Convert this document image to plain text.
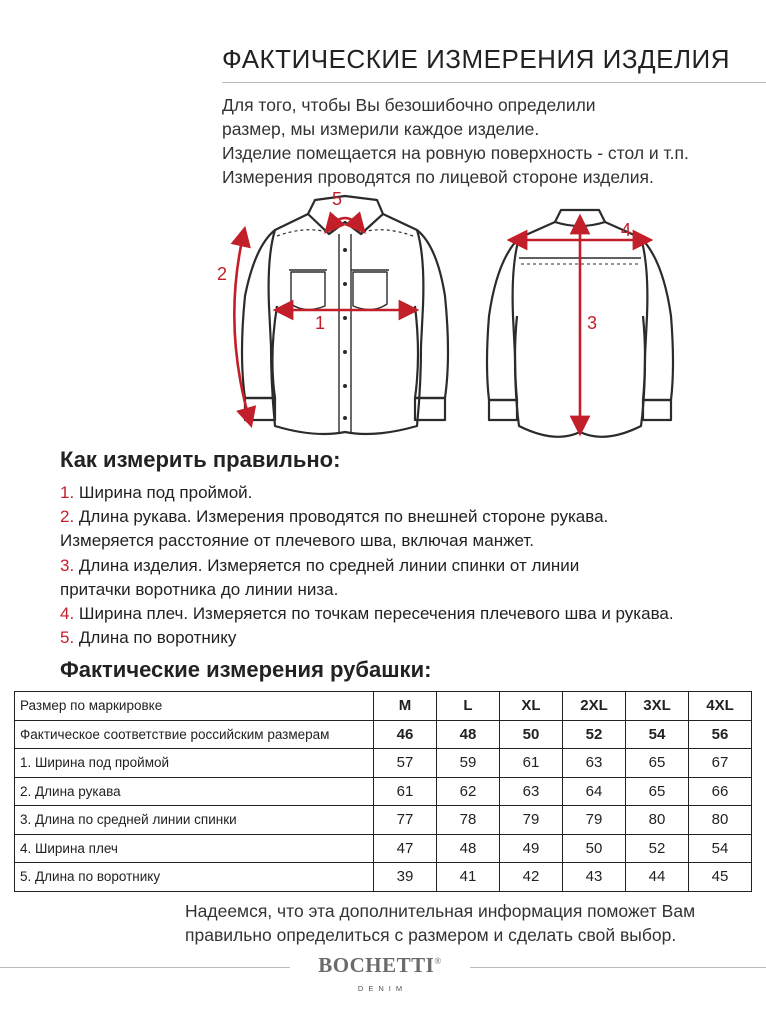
ФАКТИЧЕСКИЕ ИЗМЕРЕНИЯ ИЗДЕЛИЯ
Для того, чтобы Вы безошибочно определили
размер, мы измерили каждое изделие.
Изделие помещается на ровную поверхность - стол и т.п.
Измерения проводятся по лицевой стороне изделия.
1
2
3
4
5
Как измерить правильно:
1. Ширина под проймой.
2. Длина рукава. Измерения проводятся по внешней стороне рукава.
Измеряется расстояние от плечевого шва, включая манжет.
3. Длина изделия. Измеряется по средней линии спинки от линии
притачки воротника до линии низа.
4. Ширина плеч. Измеряется по точкам пересечения плечевого шва и рукава.
5. Длина по воротнику
Фактические измерения рубашки:
Размер по маркировке	M	L	XL	2XL	3XL	4XL
Фактическое соответствие российским размерам	46	48	50	52	54	56
1. Ширина под проймой	57	59	61	63	65	67
2. Длина рукава	61	62	63	64	65	66
3. Длина по средней линии спинки	77	78	79	79	80	80
4. Ширина плеч	47	48	49	50	52	54
5. Длина по воротнику	39	41	42	43	44	45
Надеемся, что эта дополнительная информация поможет Вам
правильно определиться с размером и сделать свой выбор.
BOCHETTI®
DENIM
